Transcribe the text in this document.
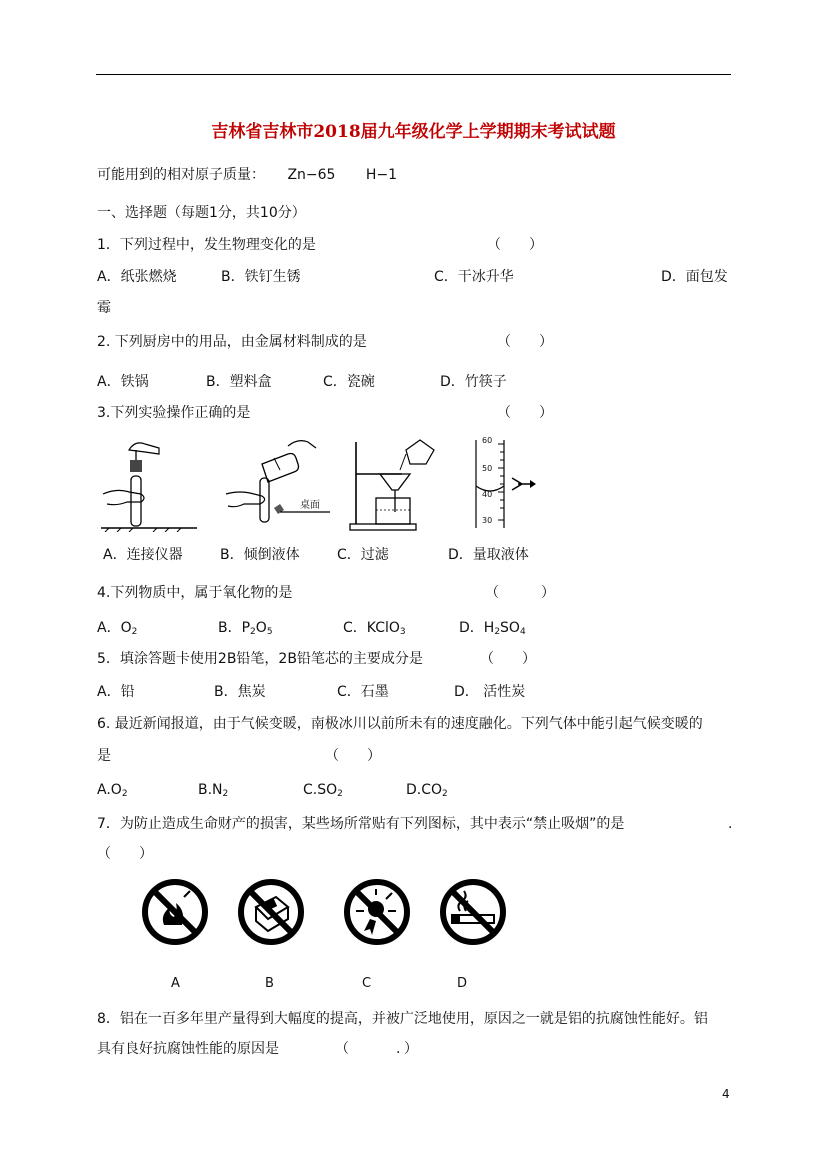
吉林省吉林市2018届九年级化学上学期期末考试试题
可能用到的相对原子质量： Zn−65 H−1
一、选择题（每题1分，共10分）
1．下列过程中，发生物理变化的是	（　　）
A．纸张燃烧	B．铁钉生锈	C．干冰升华	D．面包发
霉
2. 下列厨房中的用品，由金属材料制成的是	（　　）
A．铁锅	B．塑料盒	C．瓷碗	D．竹筷子
3.下列实验操作正确的是	（　　）
桌面
60
50
40
30
A．连接仪器	B．倾倒液体	C．过滤	D．量取液体
4.下列物质中，属于氧化物的是	（　　　）
A．$O_2$	B．$P_2O_5$	C．KClO$_3$	D．$H_2SO_4$
5．填涂答题卡使用2B铅笔，2B铅笔芯的主要成分是	（　　）
A．铅	B．焦炭	C．石墨	D． 活性炭
6. 最近新闻报道，由于气候变暖，南极冰川以前所未有的速度融化。下列气体中能引起气候变暖的
是	（　　）
$A.O_2$	$B.N_2$	$C.SO_2$	$D.CO_2$
7．为防止造成生命财产的损害，某些场所常贴有下列图标，其中表示“禁止吸烟”的是	.
（　　）
A	B	C	D
8．铝在一百多年里产量得到大幅度的提高，并被广泛地使用，原因之一就是铝的抗腐蚀性能好。铝
具有良好抗腐蚀性能的原因是	（	. ）
4
